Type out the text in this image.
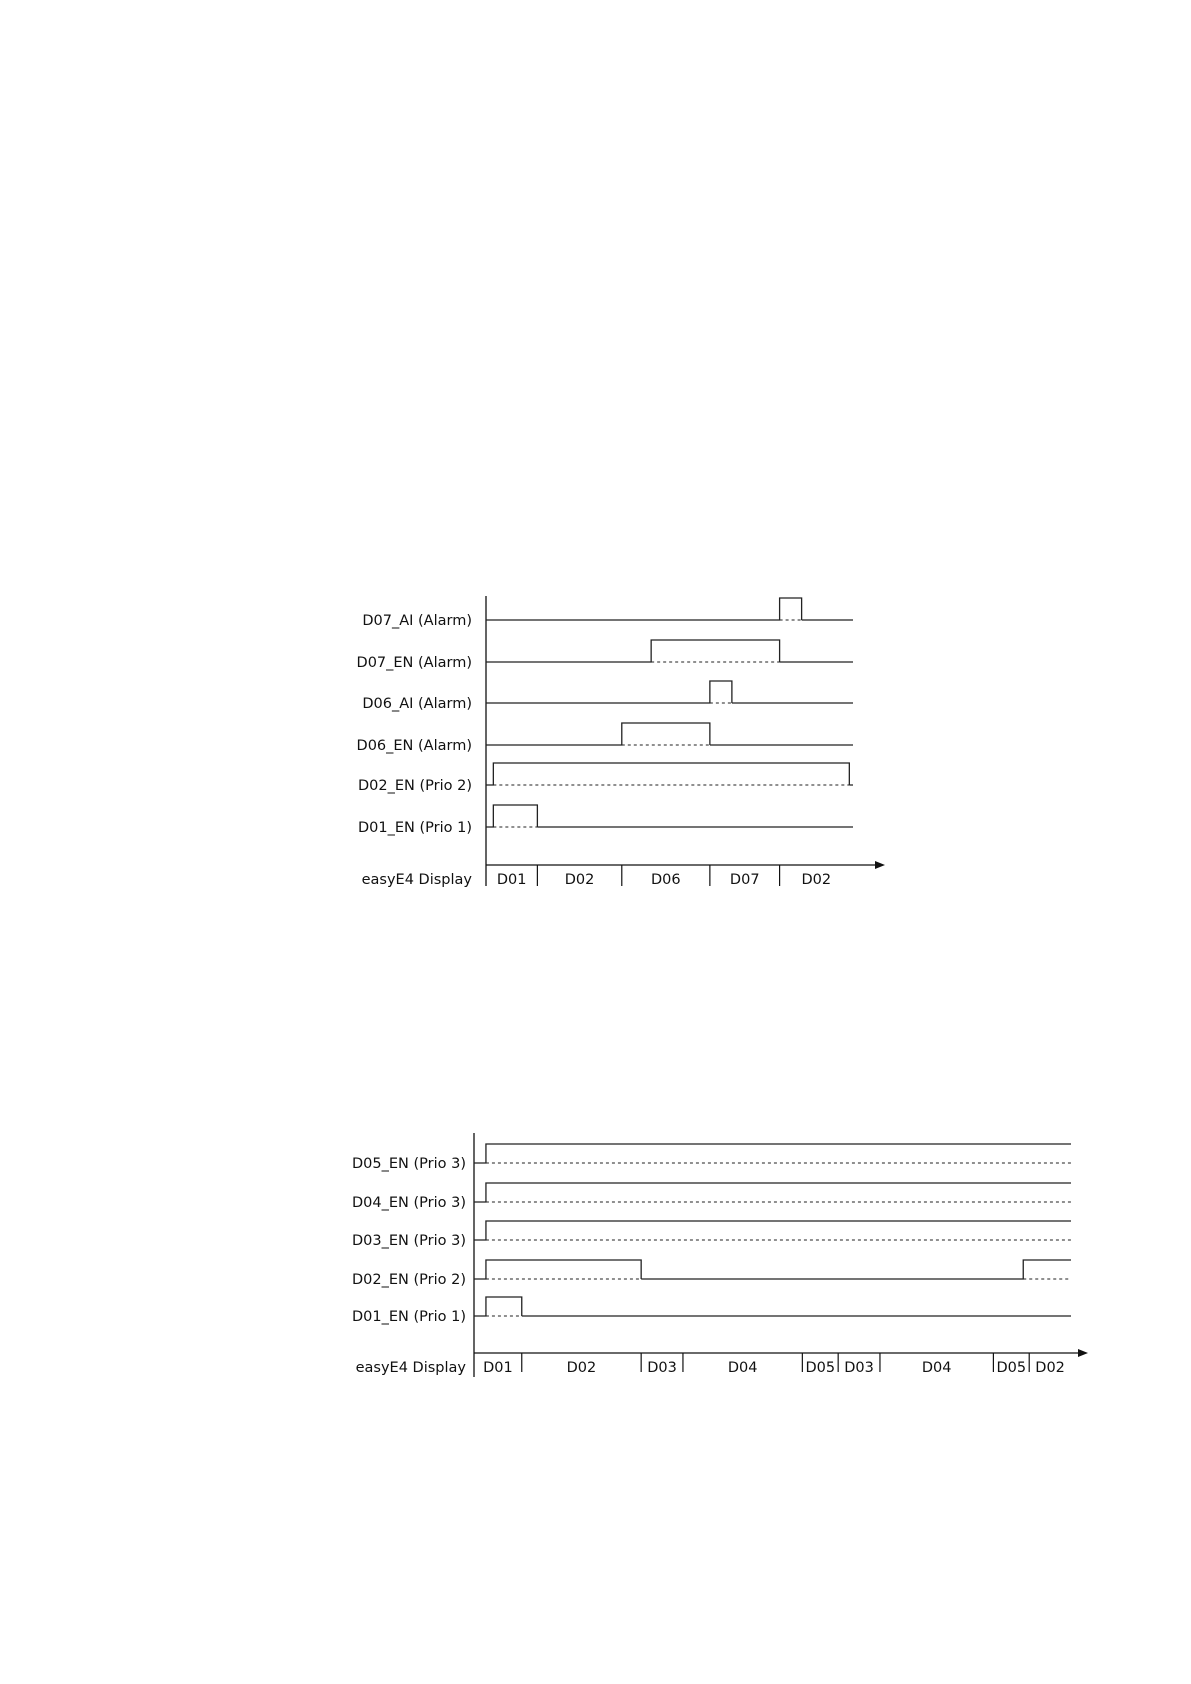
D07_AI (Alarm)
D07_EN (Alarm)
D06_AI (Alarm)
D06_EN (Alarm)
D02_EN (Prio 2)
D01_EN (Prio 1)
easyE4 Display D01	D02	D06	D07	D02
D05_EN (Prio 3)
D04_EN (Prio 3)
D03_EN (Prio 3)
D02_EN (Prio 2)
D01_EN (Prio 1)
easyE4 Display D01	D02	D03	D04	D05 D03	D04	D05 D02
